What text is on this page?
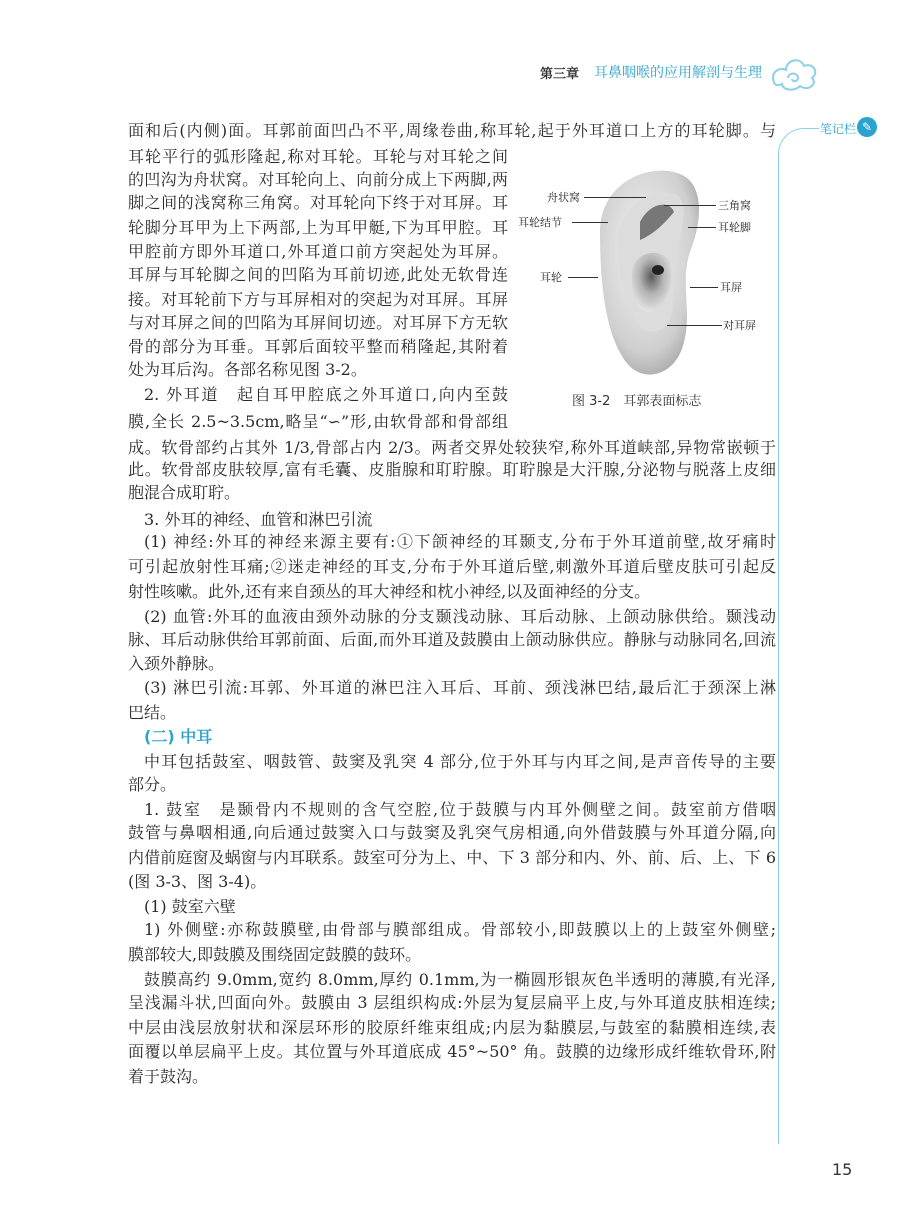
第三章 耳鼻咽喉的应用解剖与生理
笔记栏 ✎
面和后(内侧)面。耳郭前面凹凸不平,周缘卷曲,称耳轮,起于外耳道口上方的耳轮脚。与
耳轮平行的弧形隆起,称对耳轮。耳轮与对耳轮之间
的凹沟为舟状窝。对耳轮向上、向前分成上下两脚,两
脚之间的浅窝称三角窝。对耳轮向下终于对耳屏。耳
轮脚分耳甲为上下两部,上为耳甲艇,下为耳甲腔。耳
甲腔前方即外耳道口,外耳道口前方突起处为耳屏。
耳屏与耳轮脚之间的凹陷为耳前切迹,此处无软骨连
接。对耳轮前下方与耳屏相对的突起为对耳屏。耳屏
与对耳屏之间的凹陷为耳屏间切迹。对耳屏下方无软
骨的部分为耳垂。耳郭后面较平整而稍隆起,其附着
处为耳后沟。各部名称见图 3-2。
2. 外耳道　起自耳甲腔底之外耳道口,向内至鼓
膜,全长 2.5~3.5cm,略呈“∽”形,由软骨部和骨部组
成。软骨部约占其外 1/3,骨部占内 2/3。两者交界处较狭窄,称外耳道峡部,异物常嵌顿于
此。软骨部皮肤较厚,富有毛囊、皮脂腺和耵聍腺。耵聍腺是大汗腺,分泌物与脱落上皮细
胞混合成耵聍。
3. 外耳的神经、血管和淋巴引流
(1) 神经:外耳的神经来源主要有:①下颌神经的耳颞支,分布于外耳道前壁,故牙痛时
可引起放射性耳痛;②迷走神经的耳支,分布于外耳道后壁,刺激外耳道后壁皮肤可引起反
射性咳嗽。此外,还有来自颈丛的耳大神经和枕小神经,以及面神经的分支。
(2) 血管:外耳的血液由颈外动脉的分支颞浅动脉、耳后动脉、上颌动脉供给。颞浅动
脉、耳后动脉供给耳郭前面、后面,而外耳道及鼓膜由上颌动脉供应。静脉与动脉同名,回流
入颈外静脉。
(3) 淋巴引流:耳郭、外耳道的淋巴注入耳后、耳前、颈浅淋巴结,最后汇于颈深上淋
巴结。
(二) 中耳
中耳包括鼓室、咽鼓管、鼓窦及乳突 4 部分,位于外耳与内耳之间,是声音传导的主要
部分。
1. 鼓室　是颞骨内不规则的含气空腔,位于鼓膜与内耳外侧壁之间。鼓室前方借咽
鼓管与鼻咽相通,向后通过鼓窦入口与鼓窦及乳突气房相通,向外借鼓膜与外耳道分隔,向
内借前庭窗及蜗窗与内耳联系。鼓室可分为上、中、下 3 部分和内、外、前、后、上、下 6
(图 3-3、图 3-4)。
(1) 鼓室六壁
1) 外侧壁:亦称鼓膜壁,由骨部与膜部组成。骨部较小,即鼓膜以上的上鼓室外侧壁;
膜部较大,即鼓膜及围绕固定鼓膜的鼓环。
鼓膜高约 9.0mm,宽约 8.0mm,厚约 0.1mm,为一椭圆形银灰色半透明的薄膜,有光泽,
呈浅漏斗状,凹面向外。鼓膜由 3 层组织构成:外层为复层扁平上皮,与外耳道皮肤相连续;
中层由浅层放射状和深层环形的胶原纤维束组成;内层为黏膜层,与鼓室的黏膜相连续,表
面覆以单层扁平上皮。其位置与外耳道底成 45°~50° 角。鼓膜的边缘形成纤维软骨环,附
着于鼓沟。
舟状窝
耳轮结节
耳轮
三角窝
耳轮脚
耳屏
对耳屏
图 3-2　耳郭表面标志
15
